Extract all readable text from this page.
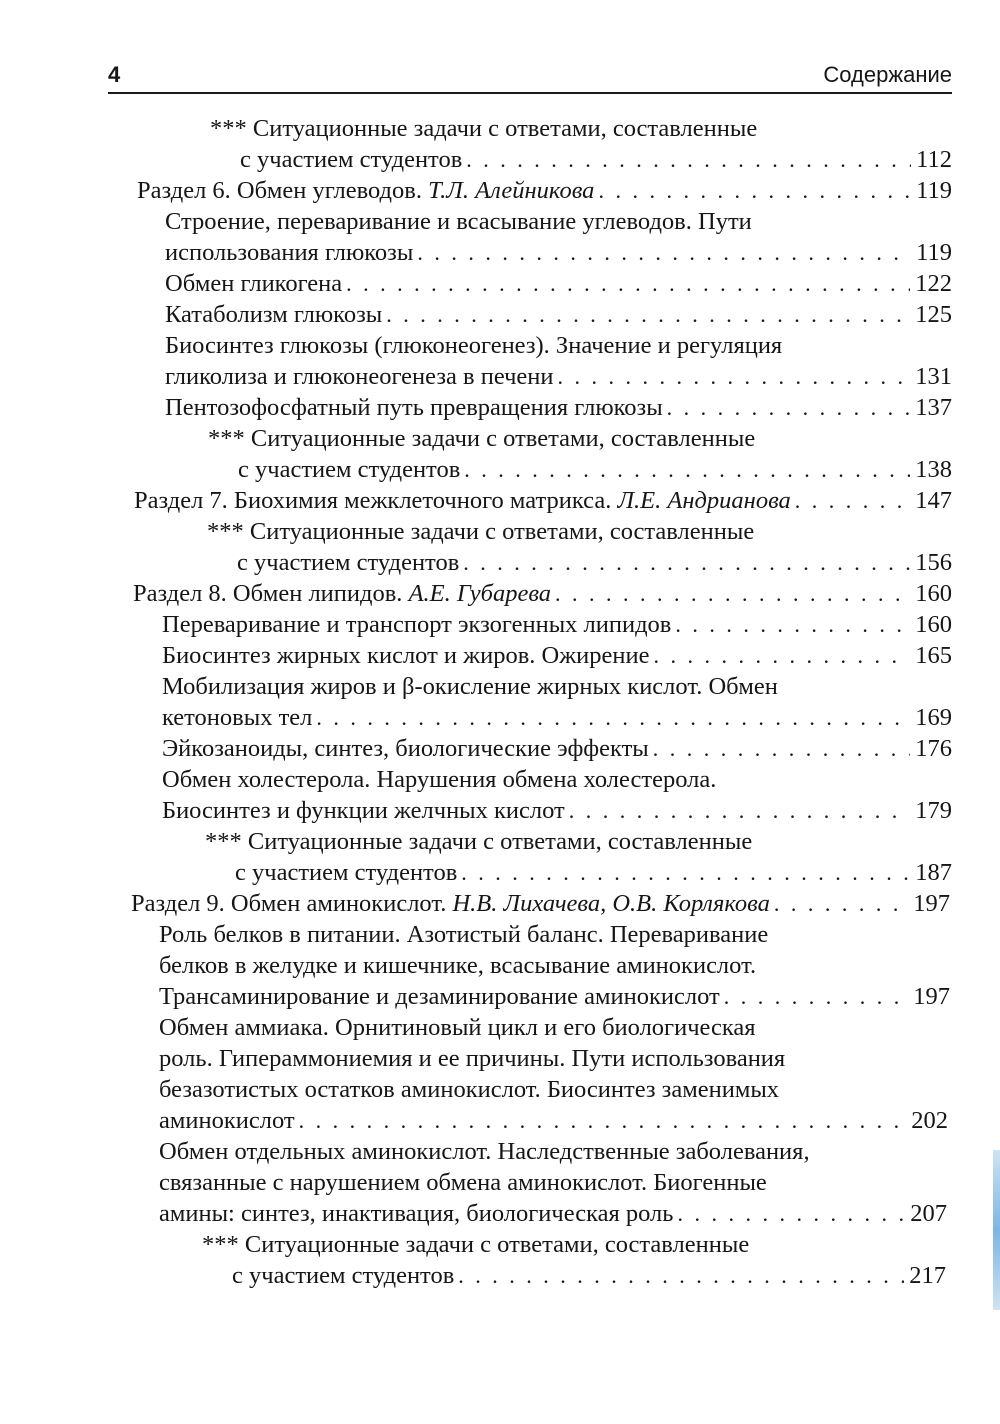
4	Содержание
*** Ситуационные задачи с ответами, составленные
с участием студентов . . .	112
Раздел 6. Обмен углеводов. Т.Л. Алейникова . . .	119
Строение, переваривание и всасывание углеводов. Пути
использования глюкозы . . .	119
Обмен гликогена . . .	122
Катаболизм глюкозы . . .	125
Биосинтез глюкозы (глюконеогенез). Значение и регуляция
гликолиза и глюконеогенеза в печени . . .	131
Пентозофосфатный путь превращения глюкозы . . .	137
*** Ситуационные задачи с ответами, составленные
с участием студентов . . .	138
Раздел 7. Биохимия межклеточного матрикса. Л.Е. Андрианова . . .	147
*** Ситуационные задачи с ответами, составленные
с участием студентов . . .	156
Раздел 8. Обмен липидов. А.Е. Губарева . . .	160
Переваривание и транспорт экзогенных липидов . . .	160
Биосинтез жирных кислот и жиров. Ожирение . . .	165
Мобилизация жиров и β-окисление жирных кислот. Обмен
кетоновых тел . . .	169
Эйкозаноиды, синтез, биологические эффекты . . .	176
Обмен холестерола. Нарушения обмена холестерола.
Биосинтез и функции желчных кислот . . .	179
*** Ситуационные задачи с ответами, составленные
с участием студентов . . .	187
Раздел 9. Обмен аминокислот. Н.В. Лихачева, О.В. Корлякова . . .	197
Роль белков в питании. Азотистый баланс. Переваривание
белков в желудке и кишечнике, всасывание аминокислот.
Трансаминирование и дезаминирование аминокислот . . .	197
Обмен аммиака. Орнитиновый цикл и его биологическая
роль. Гипераммониемия и ее причины. Пути использования
безазотистых остатков аминокислот. Биосинтез заменимых
аминокислот . . .	202
Обмен отдельных аминокислот. Наследственные заболевания,
связанные с нарушением обмена аминокислот. Биогенные
амины: синтез, инактивация, биологическая роль . . .	207
*** Ситуационные задачи с ответами, составленные
с участием студентов . . .	217
